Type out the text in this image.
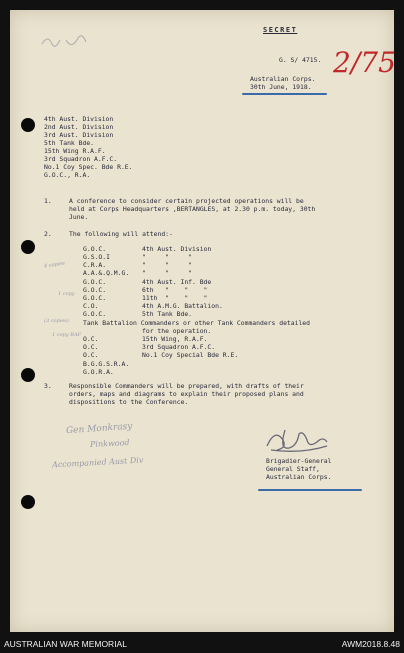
SECRET
G. S/ 4715.
Australian Corps.
30th June, 1918.
2/75
4th Aust. Division
2nd Aust. Division
3rd Aust. Division
5th Tank Bde.
15th Wing R.A.F.
3rd Squadron A.F.C.
No.1 Coy Spec. Bde R.E.
G.O.C., R.A.
1.	A conference to consider certain projected operations will be
held at Corps Headquarters ,BERTANGLES, at 2.30 p.m. today, 30th
June.
2.	The following will attend:-
G.O.C.	4th Aust. Division
G.S.O.I	"     "     "
C.R.A.	"     "     "
A.A.&.Q.M.G. "     "     "
G.O.C.	4th Aust. Inf. Bde
G.O.C.	6th   "    "    "
G.O.C.	11th  "    "    "
C.O.	4th A.M.G. Battalion.
G.O.C.	5th Tank Bde.
Tank Battalion Commanders or other Tank Commanders detailed
for the operation.
O.C.	15th Wing, R.A.F.
O.C.	3rd Squadron A.F.C.
O.C.	No.1 Coy Special Bde R.E.
B.G.G.S.R.A.
G.O.R.A.
4 copies
1 copy
(3 copies)
1 copy RAF
3.	Responsible Commanders will be prepared, with drafts of their
orders, maps and diagrams to explain their proposed plans and
dispositions to the Conference.
Gen Monkrasy
Pinkwood
Accompanied Aust Div	Brigadier-General
General Staff,
Australian Corps.
AUSTRALIAN WAR MEMORIAL	AWM2018.8.48
